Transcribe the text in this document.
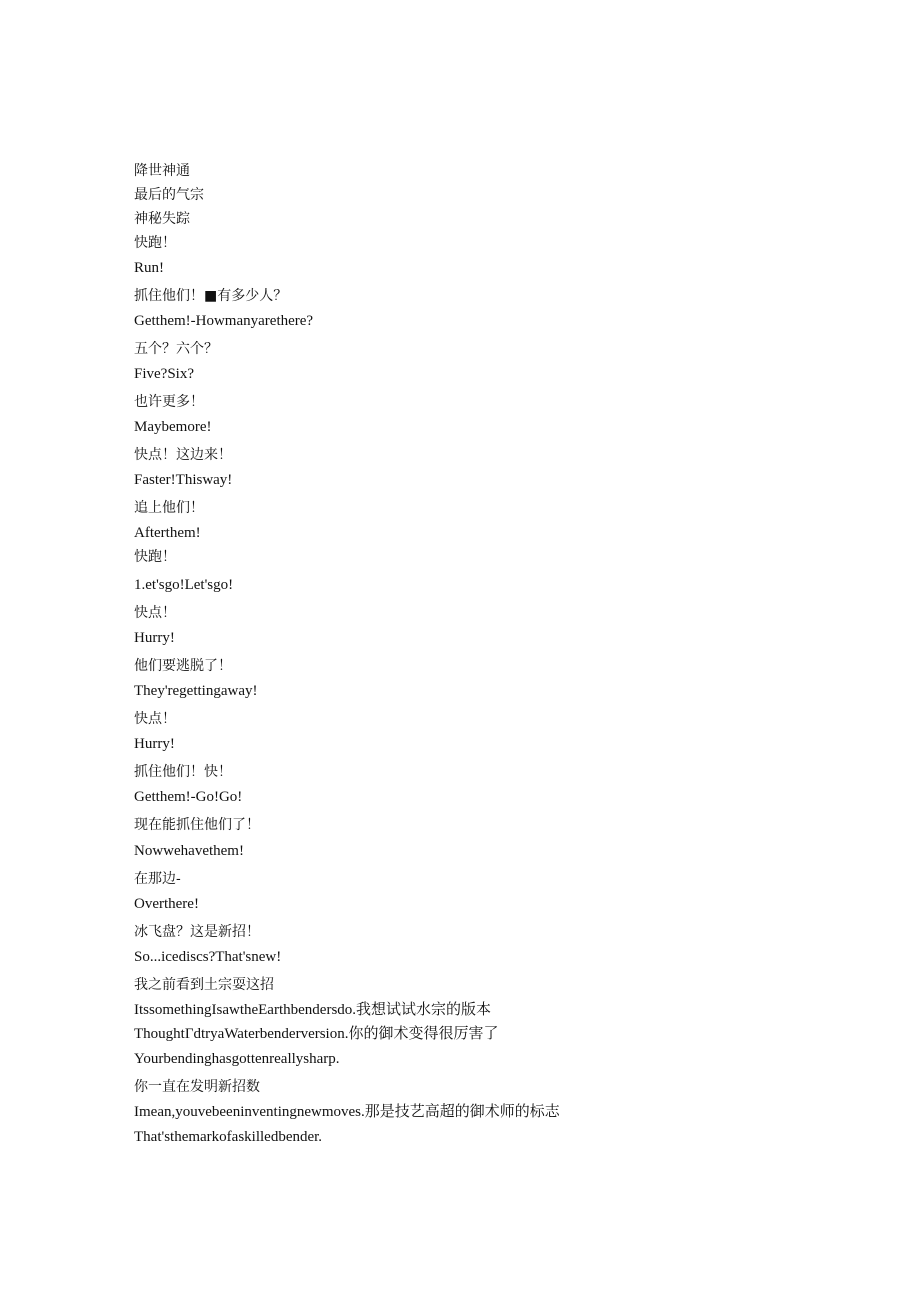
降世神通
最后的气宗
神秘失踪
快跑！
Run!
抓住他们！■有多少人？
Getthem!-Howmanyarethere?
五个？六个？
Five?Six?
也许更多！
Maybemore!
快点！这边来！
Faster!Thisway!
追上他们！
Afterthem!
快跑！
1.et'sgo!Let'sgo!
快点！
Hurry!
他们要逃脱了！
They'regettingaway!
快点！
Hurry!
抓住他们！快！
Getthem!-Go!Go!
现在能抓住他们了！
Nowwehavethem!
在那边-
Overthere!
冰飞盘？这是新招！
So...icediscs?That'snew!
我之前看到土宗耍这招
ItssomethingIsawtheEarthbendersdo.我想试试水宗的版本
ThoughtΓdtryaWaterbenderversion.你的御术变得很厉害了
Yourbendinghasgottenreallysharp.
你一直在发明新招数
Imean,youvebeeninventingnewmoves.那是技艺高超的御术师的标志
That'sthemarkofaskilledbender.
